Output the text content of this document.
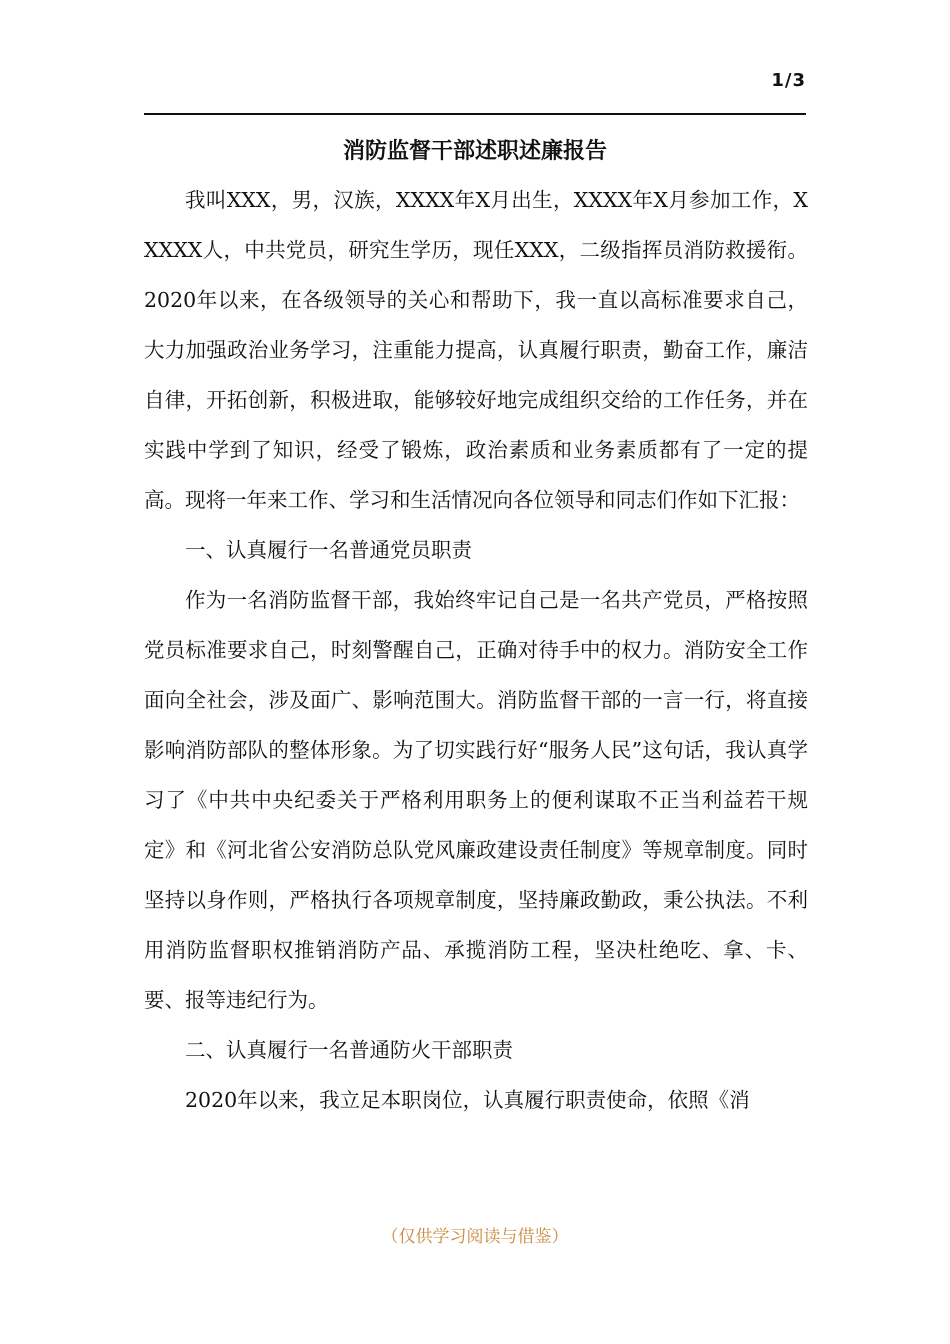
1/3
消防监督干部述职述廉报告

我叫XXX，男，汉族，XXXX年X月出生，XXXX年X月参加工作，XXXXX人，中共党员，研究生学历，现任XXX，二级指挥员消防救援衔。2020年以来，在各级领导的关心和帮助下，我一直以高标准要求自己，大力加强政治业务学习，注重能力提高，认真履行职责，勤奋工作，廉洁自律，开拓创新，积极进取，能够较好地完成组织交给的工作任务，并在实践中学到了知识，经受了锻炼，政治素质和业务素质都有了一定的提高。现将一年来工作、学习和生活情况向各位领导和同志们作如下汇报：

一、认真履行一名普通党员职责

作为一名消防监督干部，我始终牢记自己是一名共产党员，严格按照党员标准要求自己，时刻警醒自己，正确对待手中的权力。消防安全工作面向全社会，涉及面广、影响范围大。消防监督干部的一言一行，将直接影响消防部队的整体形象。为了切实践行好“服务人民”这句话，我认真学习了《中共中央纪委关于严格利用职务上的便利谋取不正当利益若干规定》和《河北省公安消防总队党风廉政建设责任制度》等规章制度。同时坚持以身作则，严格执行各项规章制度，坚持廉政勤政，秉公执法。不利用消防监督职权推销消防产品、承揽消防工程，坚决杜绝吃、拿、卡、要、报等违纪行为。

二、认真履行一名普通防火干部职责

2020年以来，我立足本职岗位，认真履行职责使命，依照《消

（仅供学习阅读与借鉴）
